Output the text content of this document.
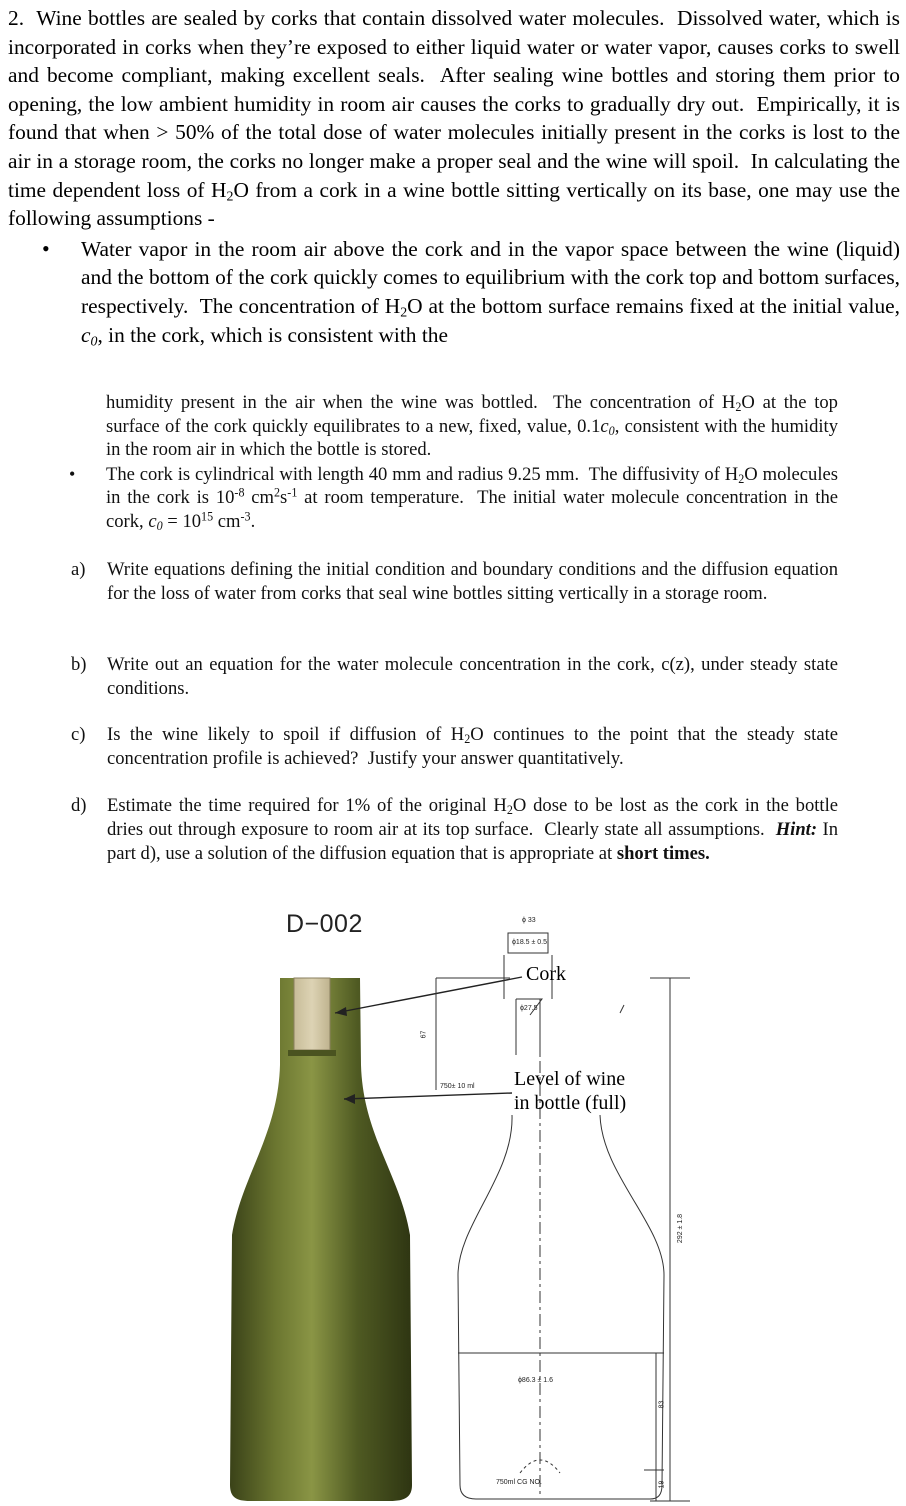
2.  Wine bottles are sealed by corks that contain dissolved water molecules.  Dissolved water, which is incorporated in corks when they’re exposed to either liquid water or water vapor, causes corks to swell and become compliant, making excellent seals.  After sealing wine bottles and storing them prior to opening, the low ambient humidity in room air causes the corks to gradually dry out.  Empirically, it is found that when > 50% of the total dose of water molecules initially present in the corks is lost to the air in a storage room, the corks no longer make a proper seal and the wine will spoil.  In calculating the time dependent loss of $H_2O$ from a cork in a wine bottle sitting vertically on its base, one may use the following assumptions -

• Water vapor in the room air above the cork and in the vapor space between the wine (liquid) and the bottom of the cork quickly comes to equilibrium with the cork top and bottom surfaces, respectively.  The concentration of $H_2O$ at the bottom surface remains fixed at the initial value, $c_0$, in the cork, which is consistent with the

humidity present in the air when the wine was bottled.  The concentration of $H_2O$ at the top surface of the cork quickly equilibrates to a new, fixed, value, $0.1c_0$, consistent with the humidity in the room air in which the bottle is stored.

• The cork is cylindrical with length 40 mm and radius 9.25 mm.  The diffusivity of $H_2O$ molecules in the cork is $10^{-8}$ $cm^2s^{-1}$ at room temperature.  The initial water molecule concentration in the cork, $c_0 = 10^{15}$ $cm^{-3}$.

a) Write equations defining the initial condition and boundary conditions and the diffusion equation for the loss of water from corks that seal wine bottles sitting vertically in a storage room.
b) Write out an equation for the water molecule concentration in the cork, c(z), under steady state conditions.
c) Is the wine likely to spoil if diffusion of $H_2O$ continues to the point that the steady state concentration profile is achieved?  Justify your answer quantitatively.
d) Estimate the time required for 1% of the original $H_2O$ dose to be lost as the cork in the bottle dries out through exposure to room air at its top surface.  Clearly state all assumptions.  Hint: In part d), use a solution of the diffusion equation that is appropriate at short times.
D−002
Cork
Level of wine
in bottle (full)
ϕ 33
ϕ18.5 ± 0.5
ϕ27.5
67
750± 10 ml
ϕ86.3 ± 1.6
292 ± 1.8
83
19
750ml CG NO.
